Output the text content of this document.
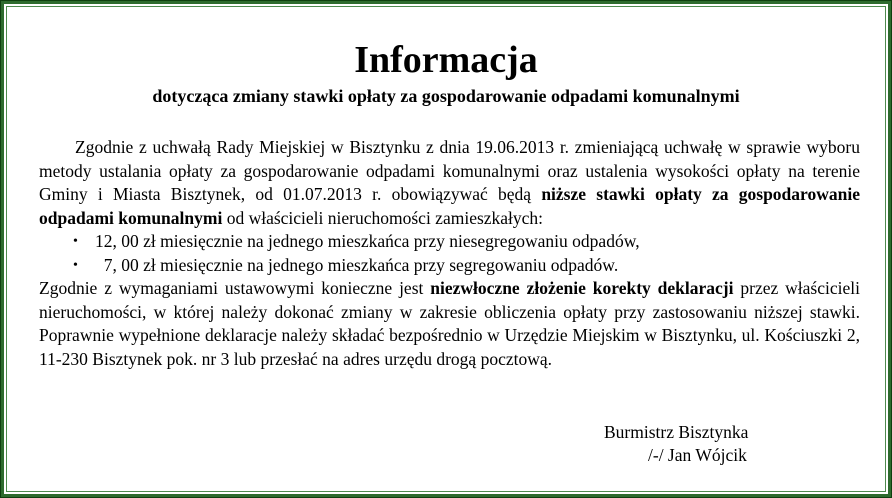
Informacja
dotycząca zmiany stawki opłaty za gospodarowanie odpadami komunalnymi

Zgodnie z uchwałą Rady Miejskiej w Bisztynku z dnia 19.06.2013 r. zmieniającą uchwałę w sprawie wyboru metody ustalania opłaty za gospodarowanie odpadami komunalnymi oraz ustalenia wysokości opłaty na terenie Gminy i Miasta Bisztynek, od 01.07.2013 r. obowiązywać będą niższe stawki opłaty za gospodarowanie odpadami komunalnymi od właścicieli nieruchomości zamieszkałych:

• 12, 00 zł miesięcznie na jednego mieszkańca przy niesegregowaniu odpadów,
• 7, 00 zł miesięcznie na jednego mieszkańca przy segregowaniu odpadów.

Zgodnie z wymaganiami ustawowymi konieczne jest niezwłoczne złożenie korekty deklaracji przez właścicieli nieruchomości, w której należy dokonać zmiany w zakresie obliczenia opłaty przy zastosowaniu niższej stawki. Poprawnie wypełnione deklaracje należy składać bezpośrednio w Urzędzie Miejskim w Bisztynku, ul. Kościuszki 2, 11-230 Bisztynek pok. nr 3 lub przesłać na adres urzędu drogą pocztową.

Burmistrz Bisztynka
/-/ Jan Wójcik
